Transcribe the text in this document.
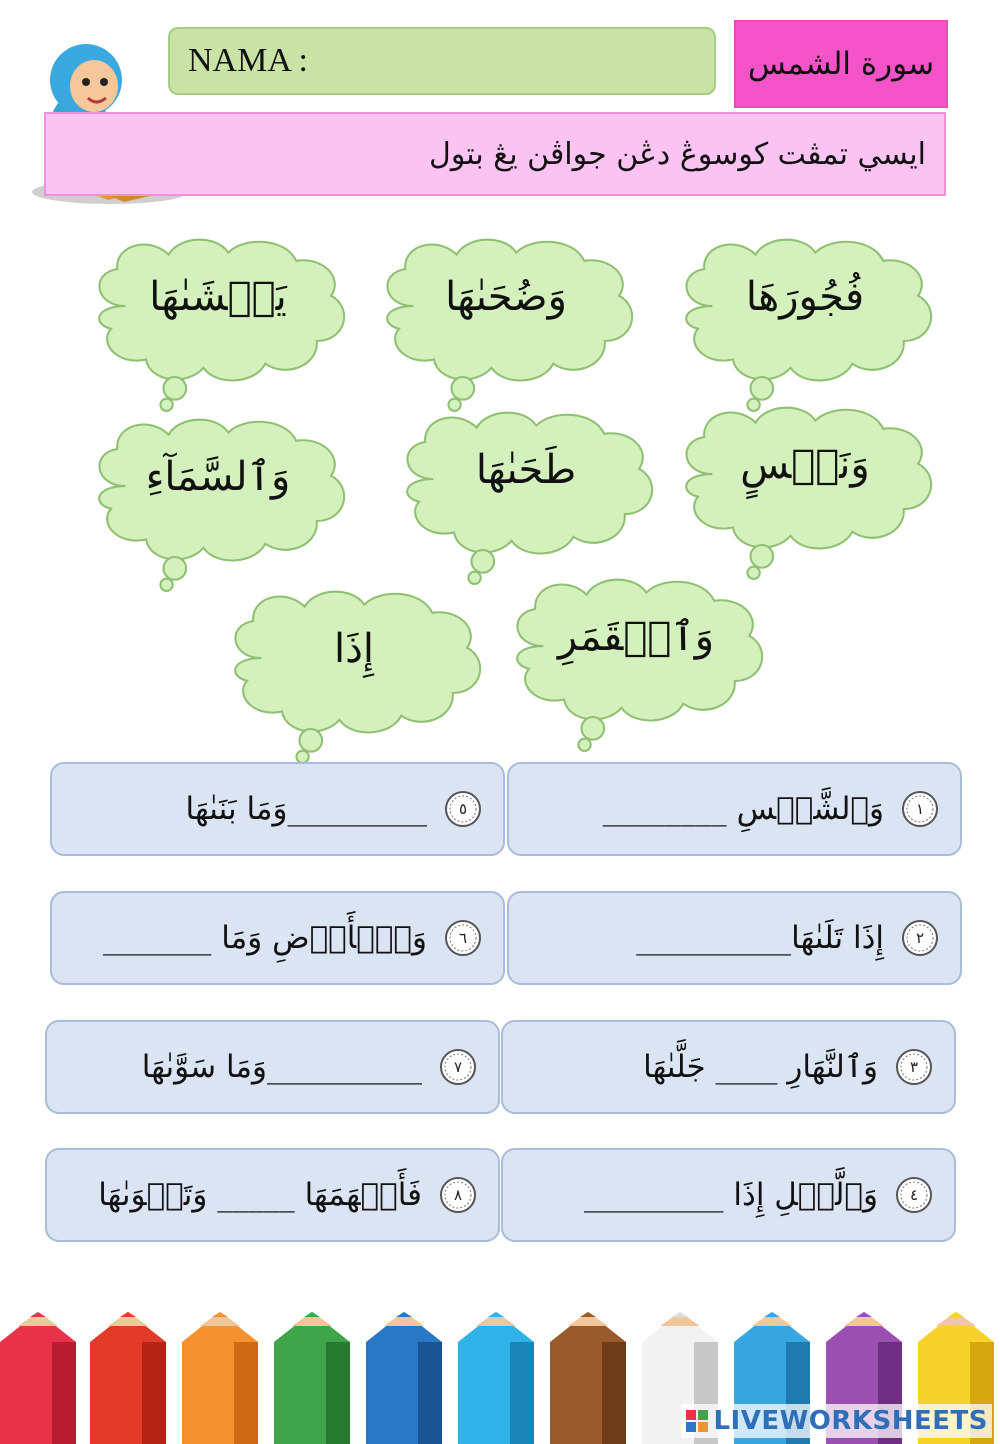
NAMA :	سورة الشمس
ايسي تمڤت كوسوڠ دڠن جواڤن يڠ بتول
فُجُورَهَا
وَضُحَىٰهَا
يَغۡشَىٰهَا
وَنَفۡسٍ
طَحَىٰهَا
وَٱلسَّمَآءِ
وَٱلۡقَمَرِ
إِذَا
١
وَٱلشَّمۡسِ ________
٥
_________وَمَا بَنَىٰهَا
٢
إِذَا تَلَىٰهَا__________
٦
وَٱلۡأَرۡضِ وَمَا _______
٣
وَٱلنَّهَارِ ____ جَلَّىٰهَا
٧
__________وَمَا سَوَّىٰهَا
٤
وَٱلَّيۡلِ إِذَا _________
٨
فَأَلۡهَمَهَا _____ وَتَقۡوَىٰهَا
LIVEWORKSHEETS
